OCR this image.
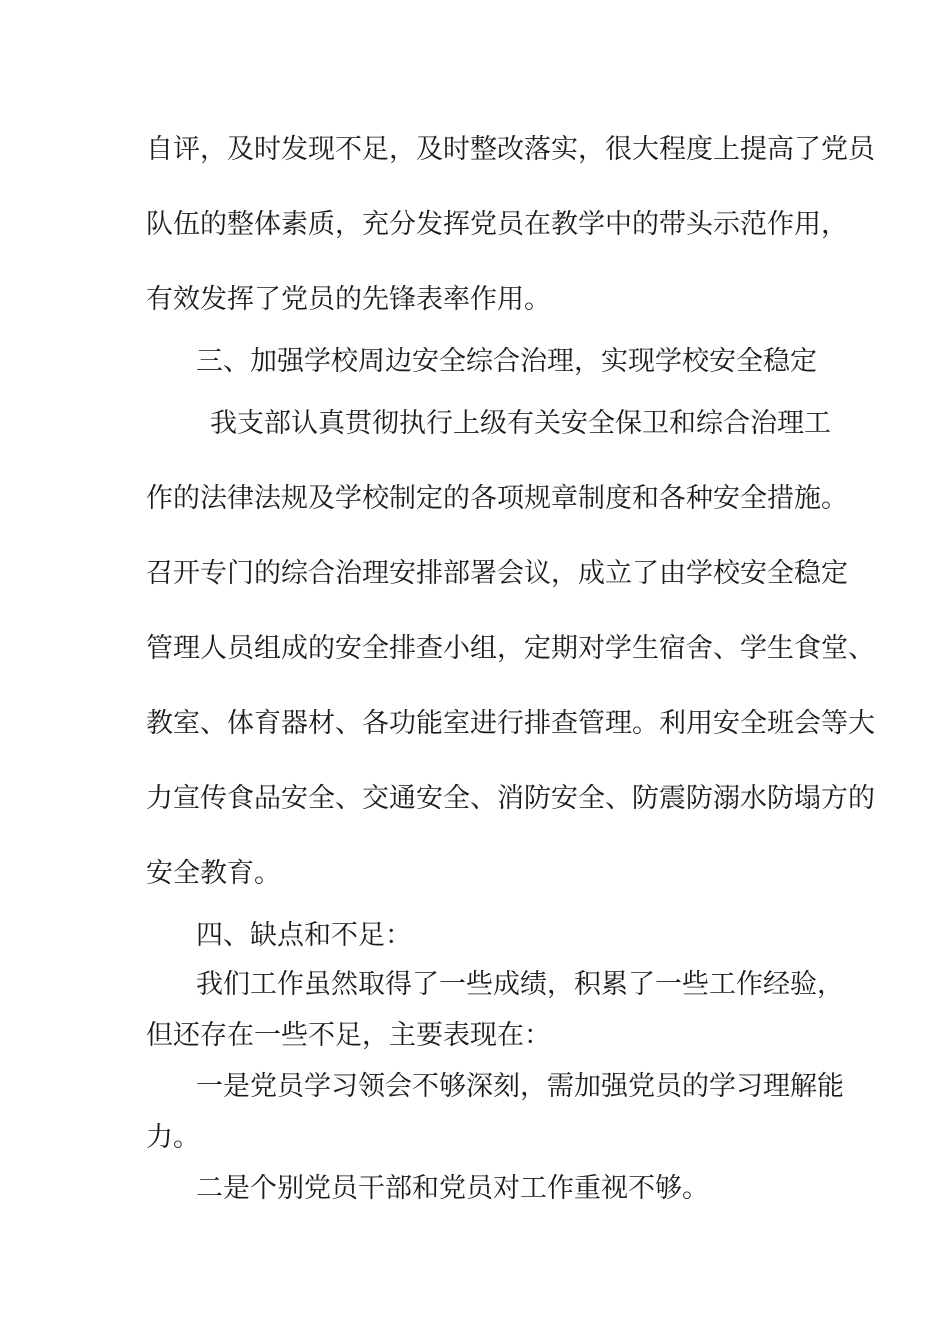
自评，及时发现不足，及时整改落实，很大程度上提高了党员
队伍的整体素质，充分发挥党员在教学中的带头示范作用，
有效发挥了党员的先锋表率作用。
三、加强学校周边安全综合治理，实现学校安全稳定
我支部认真贯彻执行上级有关安全保卫和综合治理工
作的法律法规及学校制定的各项规章制度和各种安全措施。
召开专门的综合治理安排部署会议，成立了由学校安全稳定
管理人员组成的安全排查小组，定期对学生宿舍、学生食堂、
教室、体育器材、各功能室进行排查管理。利用安全班会等大
力宣传食品安全、交通安全、消防安全、防震防溺水防塌方的
安全教育。
四、缺点和不足：
我们工作虽然取得了一些成绩，积累了一些工作经验，
但还存在一些不足，主要表现在：
一是党员学习领会不够深刻，需加强党员的学习理解能
力。
二是个别党员干部和党员对工作重视不够。
